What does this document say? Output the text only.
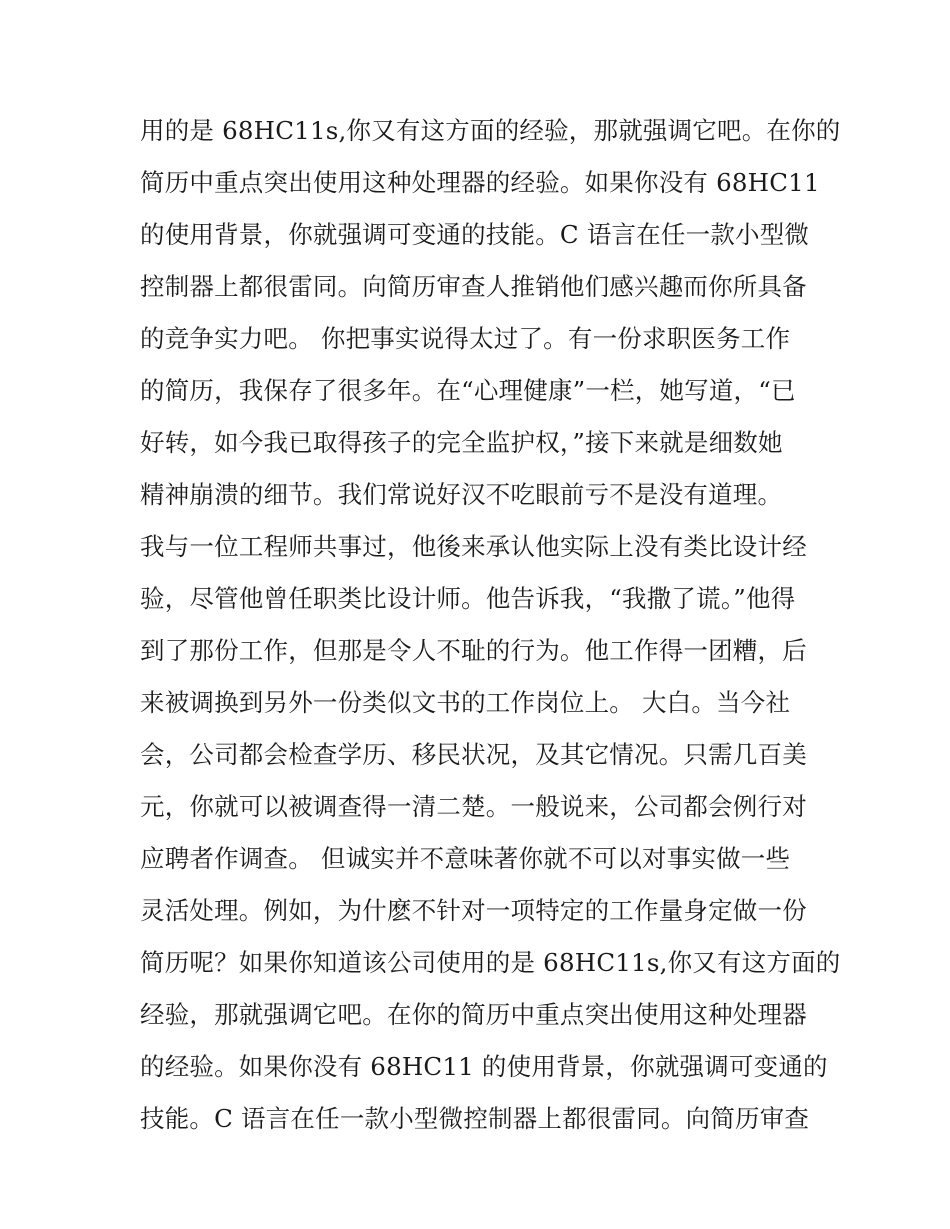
用的是 68HC11s,你又有这方面的经验，那就强调它吧。在你的
简历中重点突出使用这种处理器的经验。如果你没有 68HC11
的使用背景，你就强调可变通的技能。C 语言在任一款小型微
控制器上都很雷同。向简历审查人推销他们感兴趣而你所具备
的竞争实力吧。 你把事实说得太过了。有一份求职医务工作
的简历，我保存了很多年。在“心理健康”一栏，她写道，“已
好转，如今我已取得孩子的完全监护权，”接下来就是细数她
精神崩溃的细节。我们常说好汉不吃眼前亏不是没有道理。
我与一位工程师共事过，他後来承认他实际上没有类比设计经
验，尽管他曾任职类比设计师。他告诉我，“我撒了谎。”他得
到了那份工作，但那是令人不耻的行为。他工作得一团糟，后
来被调换到另外一份类似文书的工作岗位上。 大白。当今社
会，公司都会检查学历、移民状况，及其它情况。只需几百美
元，你就可以被调查得一清二楚。一般说来，公司都会例行对
应聘者作调查。 但诚实并不意味著你就不可以对事实做一些
灵活处理。例如，为什麽不针对一项特定的工作量身定做一份
简历呢？如果你知道该公司使用的是 68HC11s,你又有这方面的
经验，那就强调它吧。在你的简历中重点突出使用这种处理器
的经验。如果你没有 68HC11 的使用背景，你就强调可变通的
技能。C 语言在任一款小型微控制器上都很雷同。向简历审查
